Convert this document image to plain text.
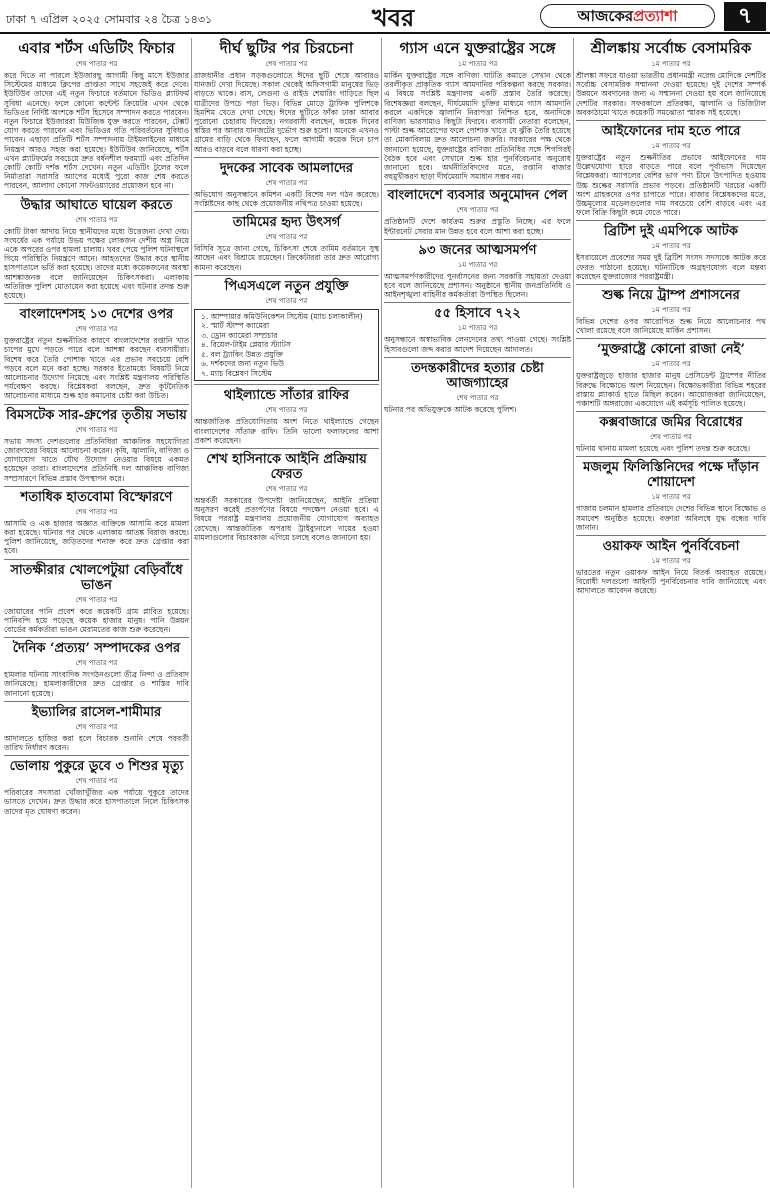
ঢাকা ৭ এপ্রিল ২০২৫ সোমবার ২৪ চৈত্র ১৪৩১	খবর	আজকেরপ্রত্যাশা	৭
এবার শর্টস এডিটিং ফিচার
শেষ পাতার পর
করে দিতে না পারলে ইউজারছু আগামী কিছু মাসে ইউজার সিস্টেমের মাধ্যমে ক্লিপের প্রাপ্ততা সাথে সহজেই করে দেবে। ইউটিউব তাদের এই নতুন ফিচারে বর্তমানে ভিডিও প্ল্যাটফর্ম সুবিধা এনেছে। ফলে কোনো কন্টেন্ট ক্রিয়েটর এখন থেকে ভিডিওর নির্দিষ্ট অংশকে শর্টস হিসেবে সম্পাদন করতে পারবেন। নতুন ফিচারে ইউজাররা মিউজিক যুক্ত করতে পারবেন, টেক্সট যোগ করতে পারবেন এবং ভিডিওর গতি পরিবর্তনের সুবিধাও পাবেন। এছাড়া প্রতিটি শর্টস সম্পাদনায় টাইমলাইনের মাধ্যমে নিয়ন্ত্রণ আরও সহজ করা হয়েছে। ইউটিউব জানিয়েছে, শর্টস এখন প্ল্যাটফর্মের সবচেয়ে দ্রুত বর্ধনশীল ফরম্যাট এবং প্রতিদিন কোটি কোটি দর্শক শর্টস দেখেন। নতুন এডিটিং টুলের ফলে নির্মাতারা সরাসরি অ্যাপের মধ্যেই পুরো কাজ শেষ করতে পারবেন, আলাদা কোনো সফটওয়্যারের প্রয়োজন হবে না।
উদ্ধার আঘাতে ঘায়েল করতে
শেষ পাতার পর
কোটি টাকা আদায় নিয়ে স্থানীয়দের মধ্যে উত্তেজনা দেখা দেয়। সংঘর্ষের এক পর্যায়ে উভয় পক্ষের লোকজন দেশীয় অস্ত্র নিয়ে একে অপরের ওপর হামলা চালায়। খবর পেয়ে পুলিশ ঘটনাস্থলে গিয়ে পরিস্থিতি নিয়ন্ত্রণে আনে। আহতদের উদ্ধার করে স্থানীয় হাসপাতালে ভর্তি করা হয়েছে। তাদের মধ্যে কয়েকজনের অবস্থা আশঙ্কাজনক বলে জানিয়েছেন চিকিৎসকরা। এলাকায় অতিরিক্ত পুলিশ মোতায়েন করা হয়েছে এবং ঘটনার তদন্ত শুরু হয়েছে।
বাংলাদেশসহ ১৩ দেশের ওপর
শেষ পাতার পর
যুক্তরাষ্ট্রের নতুন শুল্কনীতির কারণে বাংলাদেশের রপ্তানি খাত চাপের মুখে পড়তে পারে বলে আশঙ্কা করছেন ব্যবসায়ীরা। বিশেষ করে তৈরি পোশাক খাতে এর প্রভাব সবচেয়ে বেশি পড়বে বলে মনে করা হচ্ছে। সরকার ইতোমধ্যে বিষয়টি নিয়ে আলোচনার উদ্যোগ নিয়েছে এবং সংশ্লিষ্ট মন্ত্রণালয় পরিস্থিতি পর্যবেক্ষণ করছে। বিশ্লেষকরা বলছেন, দ্রুত কূটনৈতিক আলোচনার মাধ্যমে শুল্ক হার কমানোর চেষ্টা করা উচিত।
বিমসটেক সার-গ্রুপের তৃতীয় সভায়
শেষ পাতার পর
সভায় সদস্য দেশগুলোর প্রতিনিধিরা আঞ্চলিক সহযোগিতা জোরদারের বিষয়ে আলোচনা করেন। কৃষি, জ্বালানি, বাণিজ্য ও যোগাযোগ খাতে যৌথ উদ্যোগ নেওয়ার বিষয়ে একমত হয়েছেন তারা। বাংলাদেশের প্রতিনিধি দল আঞ্চলিক বাণিজ্য সম্প্রসারণে বিভিন্ন প্রস্তাব উপস্থাপন করে।
শতাধিক হাতবোমা বিস্ফোরণে
শেষ পাতার পর
আসামি ও এক হাজার অজ্ঞাত ব্যক্তিকে আসামি করে মামলা করা হয়েছে। ঘটনার পর থেকে এলাকায় আতঙ্ক বিরাজ করছে। পুলিশ জানিয়েছে, জড়িতদের শনাক্ত করে দ্রুত গ্রেপ্তার করা হবে।
সাতক্ষীরার খোলপেটুয়া বেড়িবাঁধে ভাঙন
শেষ পাতার পর
জোয়ারের পানি প্রবেশ করে কয়েকটি গ্রাম প্লাবিত হয়েছে। পানিবন্দি হয়ে পড়েছে কয়েক হাজার মানুষ। পানি উন্নয়ন বোর্ডের কর্মকর্তারা ভাঙন মেরামতের কাজ শুরু করেছেন।
দৈনিক ‘প্রত্যয়’ সম্পাদকের ওপর
শেষ পাতার পর
হামলার ঘটনায় সাংবাদিক সংগঠনগুলো তীব্র নিন্দা ও প্রতিবাদ জানিয়েছে। হামলাকারীদের দ্রুত গ্রেপ্তার ও শাস্তির দাবি জানানো হয়েছে।
ইভ্যালির রাসেল-শামীমার
শেষ পাতার পর
আদালতে হাজির করা হলে বিচারক শুনানি শেষে পরবর্তী তারিখ নির্ধারণ করেন।
ভোলায় পুকুরে ডুবে ৩ শিশুর মৃত্যু
শেষ পাতার পর
পরিবারের সদস্যরা খোঁজাখুঁজির এক পর্যায়ে পুকুরে তাদের ভাসতে দেখেন। দ্রুত উদ্ধার করে হাসপাতালে নিলে চিকিৎসক তাদের মৃত ঘোষণা করেন।
দীর্ঘ ছুটির পর চিরচেনা
শেষ পাতার পর
রাজধানীর প্রধান সড়কগুলোতে ঈদের ছুটি শেষে আবারও যানজট দেখা দিয়েছে। সকাল থেকেই অফিসগামী মানুষের ভিড় বাড়তে থাকে। বাস, লেগুনা ও রাইড শেয়ারিং গাড়িতে ছিল যাত্রীদের উপচে পড়া ভিড়। বিভিন্ন মোড়ে ট্রাফিক পুলিশকে হিমশিম খেতে দেখা গেছে। ঈদের ছুটিতে ফাঁকা ঢাকা আবার পুরোনো চেহারায় ফিরেছে। নগরবাসী বলছেন, কয়েক দিনের স্বস্তির পর আবার যানজটের দুর্ভোগ শুরু হলো। অনেকে এখনও গ্রামের বাড়ি থেকে ফিরছেন, ফলে আগামী কয়েক দিনে চাপ আরও বাড়বে বলে ধারণা করা হচ্ছে।
দুদকের সাবেক আমলাদের
শেষ পাতার পর
অভিযোগ অনুসন্ধানে কমিশন একটি বিশেষ দল গঠন করেছে। সংশ্লিষ্টদের কাছ থেকে প্রয়োজনীয় নথিপত্র চাওয়া হয়েছে।
তামিমের হৃদ্য উৎসর্গ
শেষ পাতার পর
বিসিবি সূত্রে জানা গেছে, চিকিৎসা শেষে তামিম বর্তমানে সুস্থ আছেন এবং বিশ্রামে রয়েছেন। ক্রিকেটাররা তার দ্রুত আরোগ্য কামনা করেছেন।
পিএসএলে নতুন প্রযুক্তি
শেষ পাতার পর
১. আম্পায়ার কমিউনিকেশন সিস্টেম (ম্যাচ চলাকালীন)
২. স্মার্ট স্টাম্প ক্যামেরা
৩. ড্রোন ক্যামেরা সম্প্রচার
৪. রিয়েল-টাইম প্লেয়ার স্ট্যাটস
৫. বল ট্র্যাকিং উন্নত প্রযুক্তি
৬. দর্শকদের জন্য নতুন ভিউ
৭. ম্যাচ বিশ্লেষণ সিস্টেম
থাইল্যান্ডে সাঁতার রাফির
শেষ পাতার পর
আন্তর্জাতিক প্রতিযোগিতায় অংশ নিতে থাইল্যান্ডে গেছেন বাংলাদেশের সাঁতারু রাফি। তিনি ভালো ফলাফলের আশা প্রকাশ করেছেন।
শেখ হাসিনাকে আইনি প্রক্রিয়ায় ফেরত
শেষ পাতার পর
অন্তর্বর্তী সরকারের উপদেষ্টা জানিয়েছেন, আইনি প্রক্রিয়া অনুসরণ করেই প্রত্যর্পণের বিষয়ে পদক্ষেপ নেওয়া হবে। এ বিষয়ে পররাষ্ট্র মন্ত্রণালয় প্রয়োজনীয় যোগাযোগ অব্যাহত রেখেছে। আন্তর্জাতিক অপরাধ ট্রাইব্যুনালে দায়ের হওয়া মামলাগুলোর বিচারকাজ এগিয়ে চলছে বলেও জানানো হয়।
গ্যাস এনে যুক্তরাষ্ট্রের সঙ্গে
১ম পাতার পর
মার্কিন যুক্তরাষ্ট্রের সঙ্গে বাণিজ্য ঘাটতি কমাতে সেখান থেকে তরলীকৃত প্রাকৃতিক গ্যাস আমদানির পরিকল্পনা করছে সরকার। এ বিষয়ে সংশ্লিষ্ট মন্ত্রণালয় একটি প্রস্তাব তৈরি করেছে। বিশেষজ্ঞরা বলছেন, দীর্ঘমেয়াদি চুক্তির মাধ্যমে গ্যাস আমদানি করলে একদিকে জ্বালানি নিরাপত্তা নিশ্চিত হবে, অন্যদিকে বাণিজ্য ভারসাম্যও কিছুটা ফিরবে। ব্যবসায়ী নেতারা বলেছেন, পাল্টা শুল্ক আরোপের ফলে পোশাক খাতে যে ঝুঁকি তৈরি হয়েছে তা মোকাবিলায় দ্রুত আলোচনা জরুরি। সরকারের পক্ষ থেকে জানানো হয়েছে, যুক্তরাষ্ট্রের বাণিজ্য প্রতিনিধির সঙ্গে শিগগিরই বৈঠক হবে এবং সেখানে শুল্ক হার পুনর্বিবেচনার অনুরোধ জানানো হবে। অর্থনীতিবিদদের মতে, রপ্তানি বাজার বহুমুখীকরণ ছাড়া দীর্ঘমেয়াদি সমাধান সম্ভব নয়।
বাংলাদেশে ব্যবসার অনুমোদন পেল
শেষ পাতার পর
প্রতিষ্ঠানটি দেশে কার্যক্রম শুরুর প্রস্তুতি নিচ্ছে। এর ফলে ইন্টারনেট সেবার মান উন্নত হবে বলে আশা করা হচ্ছে।
৯৩ জনের আত্মসমর্পণ
১ম পাতার পর
আত্মসমর্পণকারীদের পুনর্বাসনের জন্য সরকারি সহায়তা দেওয়া হবে বলে জানিয়েছে প্রশাসন। অনুষ্ঠানে স্থানীয় জনপ্রতিনিধি ও আইনশৃঙ্খলা বাহিনীর কর্মকর্তারা উপস্থিত ছিলেন।
৫৫ হিসাবে ৭২২
১ম পাতার পর
অনুসন্ধানে অস্বাভাবিক লেনদেনের তথ্য পাওয়া গেছে। সংশ্লিষ্ট হিসাবগুলো জব্দ করার আদেশ দিয়েছেন আদালত।
তদন্তকারীদের হত্যার চেষ্টা আজগ্যাহের
শেষ পাতার পর
ঘটনার পর অভিযুক্তকে আটক করেছে পুলিশ।
শ্রীলঙ্কায় সর্বোচ্চ বেসামরিক
১ম পাতার পর
শ্রীলঙ্কা সফরে যাওয়া ভারতীয় প্রধানমন্ত্রী নরেন্দ্র মোদিকে দেশটির সর্বোচ্চ বেসামরিক সম্মাননা দেওয়া হয়েছে। দুই দেশের সম্পর্ক উন্নয়নে অবদানের জন্য এ সম্মাননা দেওয়া হয় বলে জানিয়েছে দেশটির সরকার। সফরকালে প্রতিরক্ষা, জ্বালানি ও ডিজিটাল অবকাঠামো খাতে কয়েকটি সমঝোতা স্মারক সই হয়েছে।
আইফোনের দাম হতে পারে
১ম পাতার পর
যুক্তরাষ্ট্রের নতুন শুল্কনীতির প্রভাবে আইফোনের দাম উল্লেখযোগ্য হারে বাড়তে পারে বলে পূর্বাভাস দিয়েছেন বিশ্লেষকরা। অ্যাপলের বেশির ভাগ পণ্য চীনে উৎপাদিত হওয়ায় উচ্চ শুল্কের সরাসরি প্রভাব পড়বে। প্রতিষ্ঠানটি খরচের একটি অংশ গ্রাহকদের ওপর চাপাতে পারে। বাজার বিশ্লেষকদের মতে, উচ্চমূল্যের মডেলগুলোর দাম সবচেয়ে বেশি বাড়বে এবং এর ফলে বিক্রি কিছুটা কমে যেতে পারে।
ব্রিটিশ দুই এমপিকে আটক
১ম পাতার পর
ইসরায়েলে প্রবেশের সময় দুই ব্রিটিশ সংসদ সদস্যকে আটক করে ফেরত পাঠানো হয়েছে। ঘটনাটিকে অগ্রহণযোগ্য বলে মন্তব্য করেছেন যুক্তরাজ্যের পররাষ্ট্রমন্ত্রী।
শুল্ক নিয়ে ট্রাম্প প্রশাসনের
১ম পাতার পর
বিভিন্ন দেশের ওপর আরোপিত শুল্ক নিয়ে আলোচনার পথ খোলা রয়েছে বলে জানিয়েছে মার্কিন প্রশাসন।
‘মুক্তরাষ্ট্রে কোনো রাজা নেই’
১ম পাতার পর
যুক্তরাষ্ট্রজুড়ে হাজার হাজার মানুষ প্রেসিডেন্ট ট্রাম্পের নীতির বিরুদ্ধে বিক্ষোভে অংশ নিয়েছেন। বিক্ষোভকারীরা বিভিন্ন শহরের রাস্তায় প্ল্যাকার্ড হাতে মিছিল করেন। আয়োজকরা জানিয়েছেন, পঞ্চাশটি অঙ্গরাজ্যে একযোগে এই কর্মসূচি পালিত হয়েছে।
কক্সবাজারে জমির বিরোধের
শেষ পাতার পর
ঘটনায় থানায় মামলা হয়েছে এবং পুলিশ তদন্ত শুরু করেছে।
মজলুম ফিলিস্তিনিদের পক্ষে দাঁড়ান শোয়াদেশ
১ম পাতার পর
গাজায় চলমান হামলার প্রতিবাদে দেশের বিভিন্ন স্থানে বিক্ষোভ ও সমাবেশ অনুষ্ঠিত হয়েছে। বক্তারা অবিলম্বে যুদ্ধ বন্ধের দাবি জানান।
ওয়াকফ আইন পুনর্বিবেচনা
১ম পাতার পর
ভারতের নতুন ওয়াকফ আইন নিয়ে বিতর্ক অব্যাহত রয়েছে। বিরোধী দলগুলো আইনটি পুনর্বিবেচনার দাবি জানিয়েছে এবং আদালতে আবেদন করেছে।
